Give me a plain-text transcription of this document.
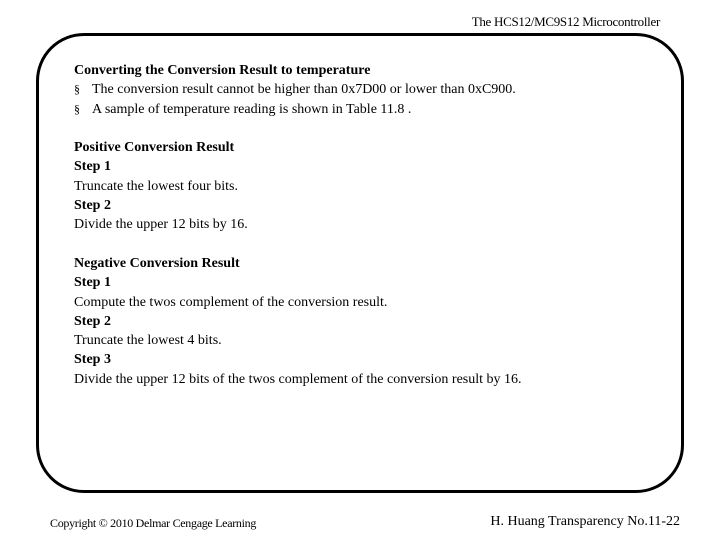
The HCS12/MC9S12 Microcontroller
Converting the Conversion Result to temperature
§ The conversion result cannot be higher than 0x7D00 or lower than 0xC900.
§ A sample of temperature reading is shown in Table 11.8 .
Positive Conversion Result
Step 1
Truncate the lowest four bits.
Step 2
Divide the upper 12 bits by 16.
Negative Conversion Result
Step 1
Compute the twos complement of the conversion result.
Step 2
Truncate the lowest 4 bits.
Step 3
Divide the upper 12 bits of the twos complement of the conversion result by 16.
Copyright © 2010 Delmar Cengage Learning	H. Huang Transparency No.11-22
